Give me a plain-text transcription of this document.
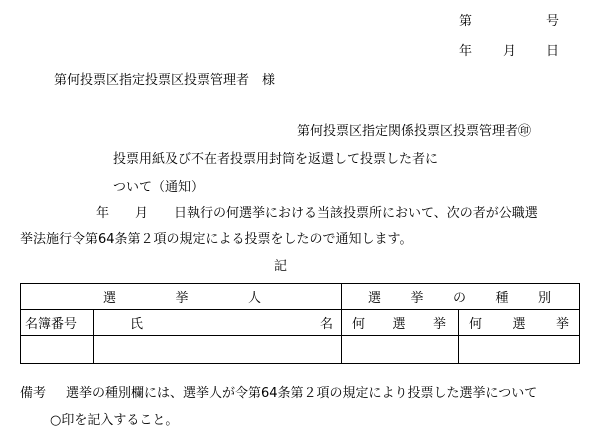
第	号
年 月 日
第何投票区指定投票区投票管理者　様
第何投票区指定関係投票区投票管理者㊞
投票用紙及び不在者投票用封筒を返還して投票した者に
ついて（通知）
年　　月　　日執行の何選挙における当該投票所において、次の者が公職選
挙法施行令第64条第２項の規定による投票をしたので通知します。
記
選 挙 人		選 挙 の 種 別	

名簿番号	氏 名	何 選 挙	何 選 挙

備考 選挙の種別欄には、選挙人が令第64条第２項の規定により投票した選挙について
○印を記入すること。
